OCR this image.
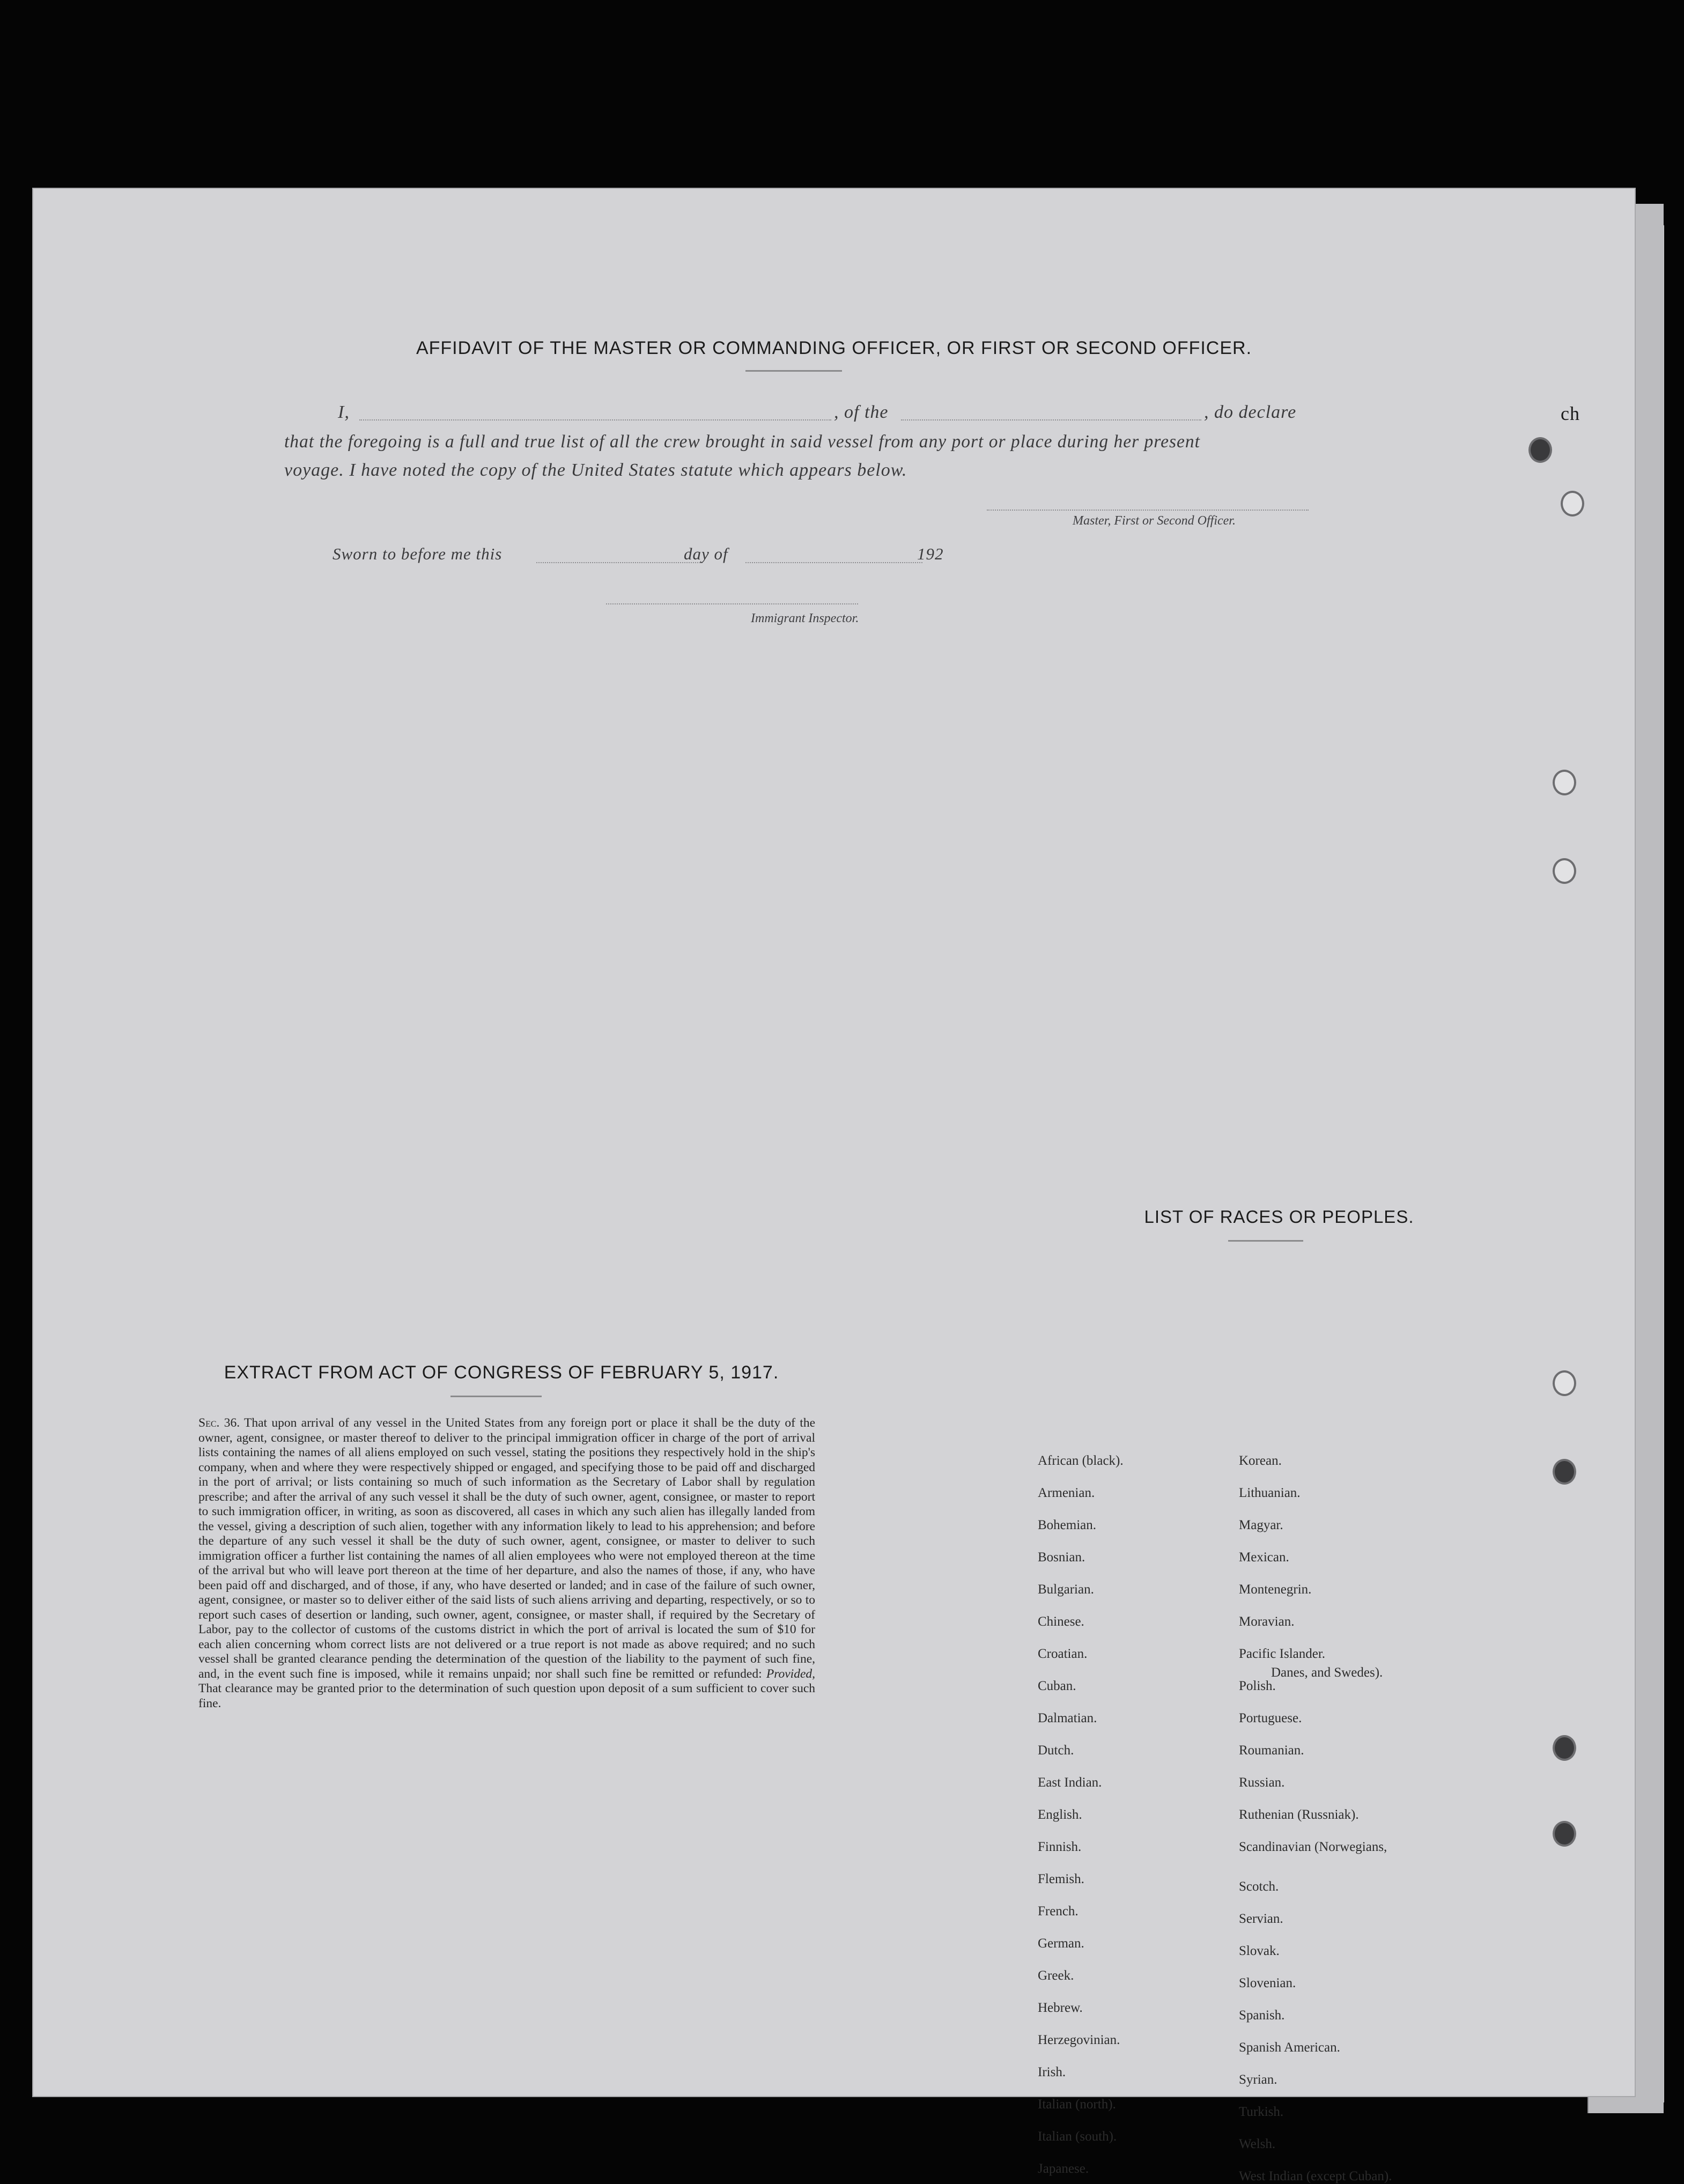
AFFIDAVIT OF THE MASTER OR COMMANDING OFFICER, OR FIRST OR SECOND OFFICER.
I,	, of the	, do declare
that the foregoing is a full and true list of all the crew brought in said vessel from any port or place during her present
voyage. I have noted the copy of the United States statute which appears below.
Master, First or Second Officer.
Sworn to before me this	day of	192
Immigrant Inspector.
EXTRACT FROM ACT OF CONGRESS OF FEBRUARY 5, 1917.
Sec. 36. That upon arrival of any vessel in the United States from any foreign port or place it shall be the duty of the owner, agent, consignee, or master thereof to deliver to the principal immigration officer in charge of the port of arrival lists containing the names of all aliens employed on such vessel, stating the positions they respectively hold in the ship's company, when and where they were respectively shipped or engaged, and specifying those to be paid off and discharged in the port of arrival; or lists containing so much of such information as the Secretary of Labor shall by regulation prescribe; and after the arrival of any such vessel it shall be the duty of such owner, agent, consignee, or master to report to such immigration officer, in writing, as soon as discovered, all cases in which any such alien has illegally landed from the vessel, giving a description of such alien, together with any information likely to lead to his apprehension; and before the departure of any such vessel it shall be the duty of such owner, agent, consignee, or master to deliver to such immigration officer a further list containing the names of all alien employees who were not employed thereon at the time of the arrival but who will leave port thereon at the time of her departure, and also the names of those, if any, who have been paid off and discharged, and of those, if any, who have deserted or landed; and in case of the failure of such owner, agent, consignee, or master so to deliver either of the said lists of such aliens arriving and departing, respectively, or so to report such cases of desertion or landing, such owner, agent, consignee, or master shall, if required by the Secretary of Labor, pay to the collector of customs of the customs district in which the port of arrival is located the sum of $10 for each alien concerning whom correct lists are not delivered or a true report is not made as above required; and no such vessel shall be granted clearance pending the determination of the question of the liability to the payment of such fine, and, in the event such fine is imposed, while it remains unpaid; nor shall such fine be remitted or refunded: Provided, That clearance may be granted prior to the determination of such question upon deposit of a sum sufficient to cover such fine.
LIST OF RACES OR PEOPLES.
African (black).
Armenian.
Bohemian.
Bosnian.
Bulgarian.
Chinese.
Croatian.
Cuban.
Dalmatian.
Dutch.
East Indian.
English.
Finnish.
Flemish.
French.
German.
Greek.
Hebrew.
Herzegovinian.
Irish.
Italian (north).
Italian (south).
Japanese.
Korean.
Lithuanian.
Magyar.
Mexican.
Montenegrin.
Moravian.
Pacific Islander.
Polish.
Portuguese.
Roumanian.
Russian.
Ruthenian (Russniak).
Scandinavian (Norwegians,
Scotch.
Servian.
Slovak.
Slovenian.
Spanish.
Spanish American.
Syrian.
Turkish.
Welsh.
West Indian (except Cuban).
Danes, and Swedes).
ch
